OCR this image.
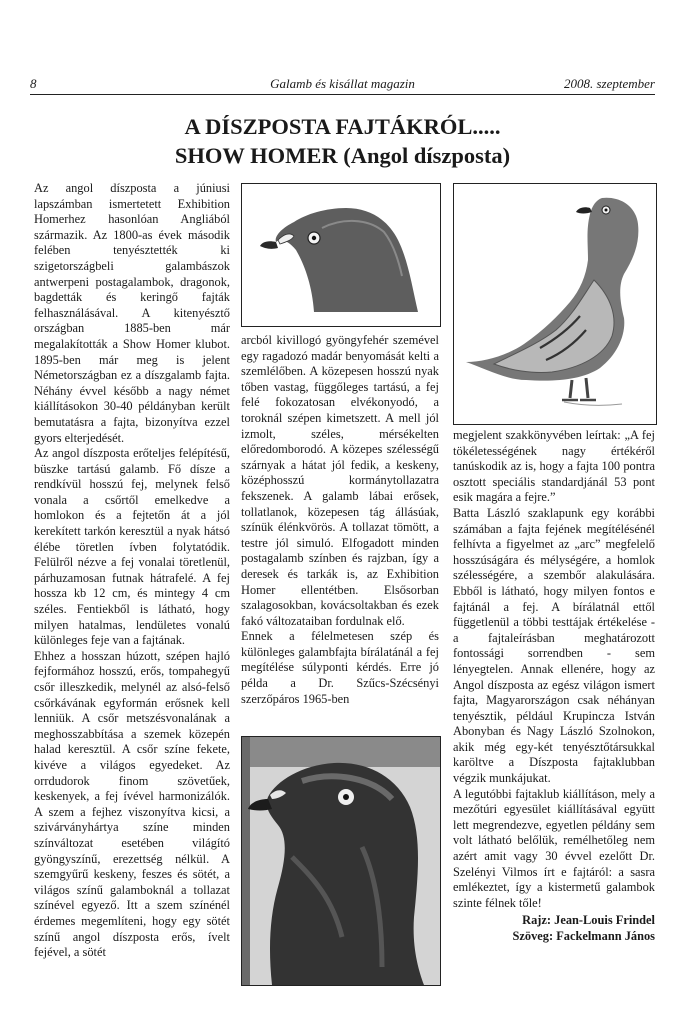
8	Galamb és kisállat magazin	2008. szeptember
A DÍSZPOSTA FAJTÁKRÓL.....
SHOW HOMER (Angol díszposta)

Az angol díszposta a júniusi lapszámban ismertetett Exhibition Homerhez hasonlóan Angliából származik. Az 1800-as évek második felében tenyésztették ki szigetországbeli galambászok antwerpeni postagalambok, dragonok, bagdetták és keringő fajták felhasználásával. A kitenyésztő országban 1885-ben már megalakították a Show Homer klubot. 1895-ben már meg is jelent Németországban ez a díszgalamb fajta. Néhány évvel később a nagy német kiállításokon 30-40 példányban került bemutatásra a fajta, bizonyítva ezzel gyors elterjedését.

Az angol díszposta erőteljes felépítésű, büszke tartású galamb. Fő dísze a rendkívül hosszú fej, melynek felső vonala a csőrtől emelkedve a homlokon és a fejtetőn át a jól kerekített tarkón keresztül a nyak hátsó élébe töretlen ívben folytatódik. Felülről nézve a fej vonalai töretlenül, párhuzamosan futnak hátrafelé. A fej hossza kb 12 cm, és mintegy 4 cm széles. Fentiekből is látható, hogy milyen hatalmas, lendületes vonalú különleges feje van a fajtának.

Ehhez a hosszan húzott, szépen hajló fejformához hosszú, erős, tompahegyű csőr illeszkedik, melynél az alsó-felső csőrkávának egyformán erősnek kell lenniük. A csőr metszésvonalának a meghosszabbítása a szemek közepén halad keresztül. A csőr színe fekete, kivéve a világos egyedeket. Az orrdudorok finom szövetűek, keskenyek, a fej ívével harmonizálók. A szem a fejhez viszonyítva kicsi, a szivárványhártya színe minden színváltozat esetében világító gyöngyszínű, erezettség nélkül. A szemgyűrű keskeny, feszes és sötét, a világos színű galamboknál a tollazat színével egyező. Itt a szem színénél érdemes megemlíteni, hogy egy sötét színű angol díszposta erős, ívelt fejével, a sötét

arcból kivillogó gyöngyfehér szemével egy ragadozó madár benyomását kelti a szemlélőben. A közepesen hosszú nyak tőben vastag, függőleges tartású, a fej felé fokozatosan elvékonyodó, a toroknál szépen kimetszett. A mell jól izmolt, széles, mérsékelten előredomborodó. A közepes szélességű szárnyak a hátat jól fedik, a keskeny, középhosszú kormánytollazatra fekszenek. A galamb lábai erősek, tollatlanok, közepesen tág állásúak, színük élénkvörös. A tollazat tömött, a testre jól simuló. Elfogadott minden postagalamb színben és rajzban, így a deresek és tarkák is, az Exhibition Homer ellentétben. Elsősorban szalagosokban, kovácsoltakban és ezek fakó változataiban fordulnak elő.

Ennek a félelmetesen szép és különleges galambfajta bírálatánál a fej megítélése súlyponti kérdés. Erre jó példa a Dr. Szűcs-Szécsényi szerzőpáros 1965-ben

megjelent szakkönyvében leírtak: „A fej tökéletességének nagy értékéről tanúskodik az is, hogy a fajta 100 pontra osztott speciális standardjánál 53 pont esik magára a fejre.”

Batta László szaklapunk egy korábbi számában a fajta fejének megítélésénél felhívta a figyelmet az „arc” megfelelő hosszúságára és mélységére, a homlok szélességére, a szembőr alakulására. Ebből is látható, hogy milyen fontos e fajtánál a fej. A bírálatnál ettől függetlenül a többi testtájak értékelése - a fajtaleírásban meghatározott fontossági sorrendben - sem lényegtelen. Annak ellenére, hogy az Angol díszposta az egész világon ismert fajta, Magyarországon csak néhányan tenyésztik, például Krupincza István Abonyban és Nagy László Szolnokon, akik még egy-két tenyésztőtársukkal karöltve a Díszposta fajtaklubban végzik munkájukat.

A legutóbbi fajtaklub kiállításon, mely a mezőtúri egyesület kiállításával együtt lett megrendezve, egyetlen példány sem volt látható belőlük, remélhetőleg nem azért amit vagy 30 évvel ezelőtt Dr. Szelényi Vilmos írt e fajtáról: a sasra emlékeztet, így a kistermetű galambok szinte félnek tőle!

Rajz: Jean-Louis Frindel
Szöveg: Fackelmann János
